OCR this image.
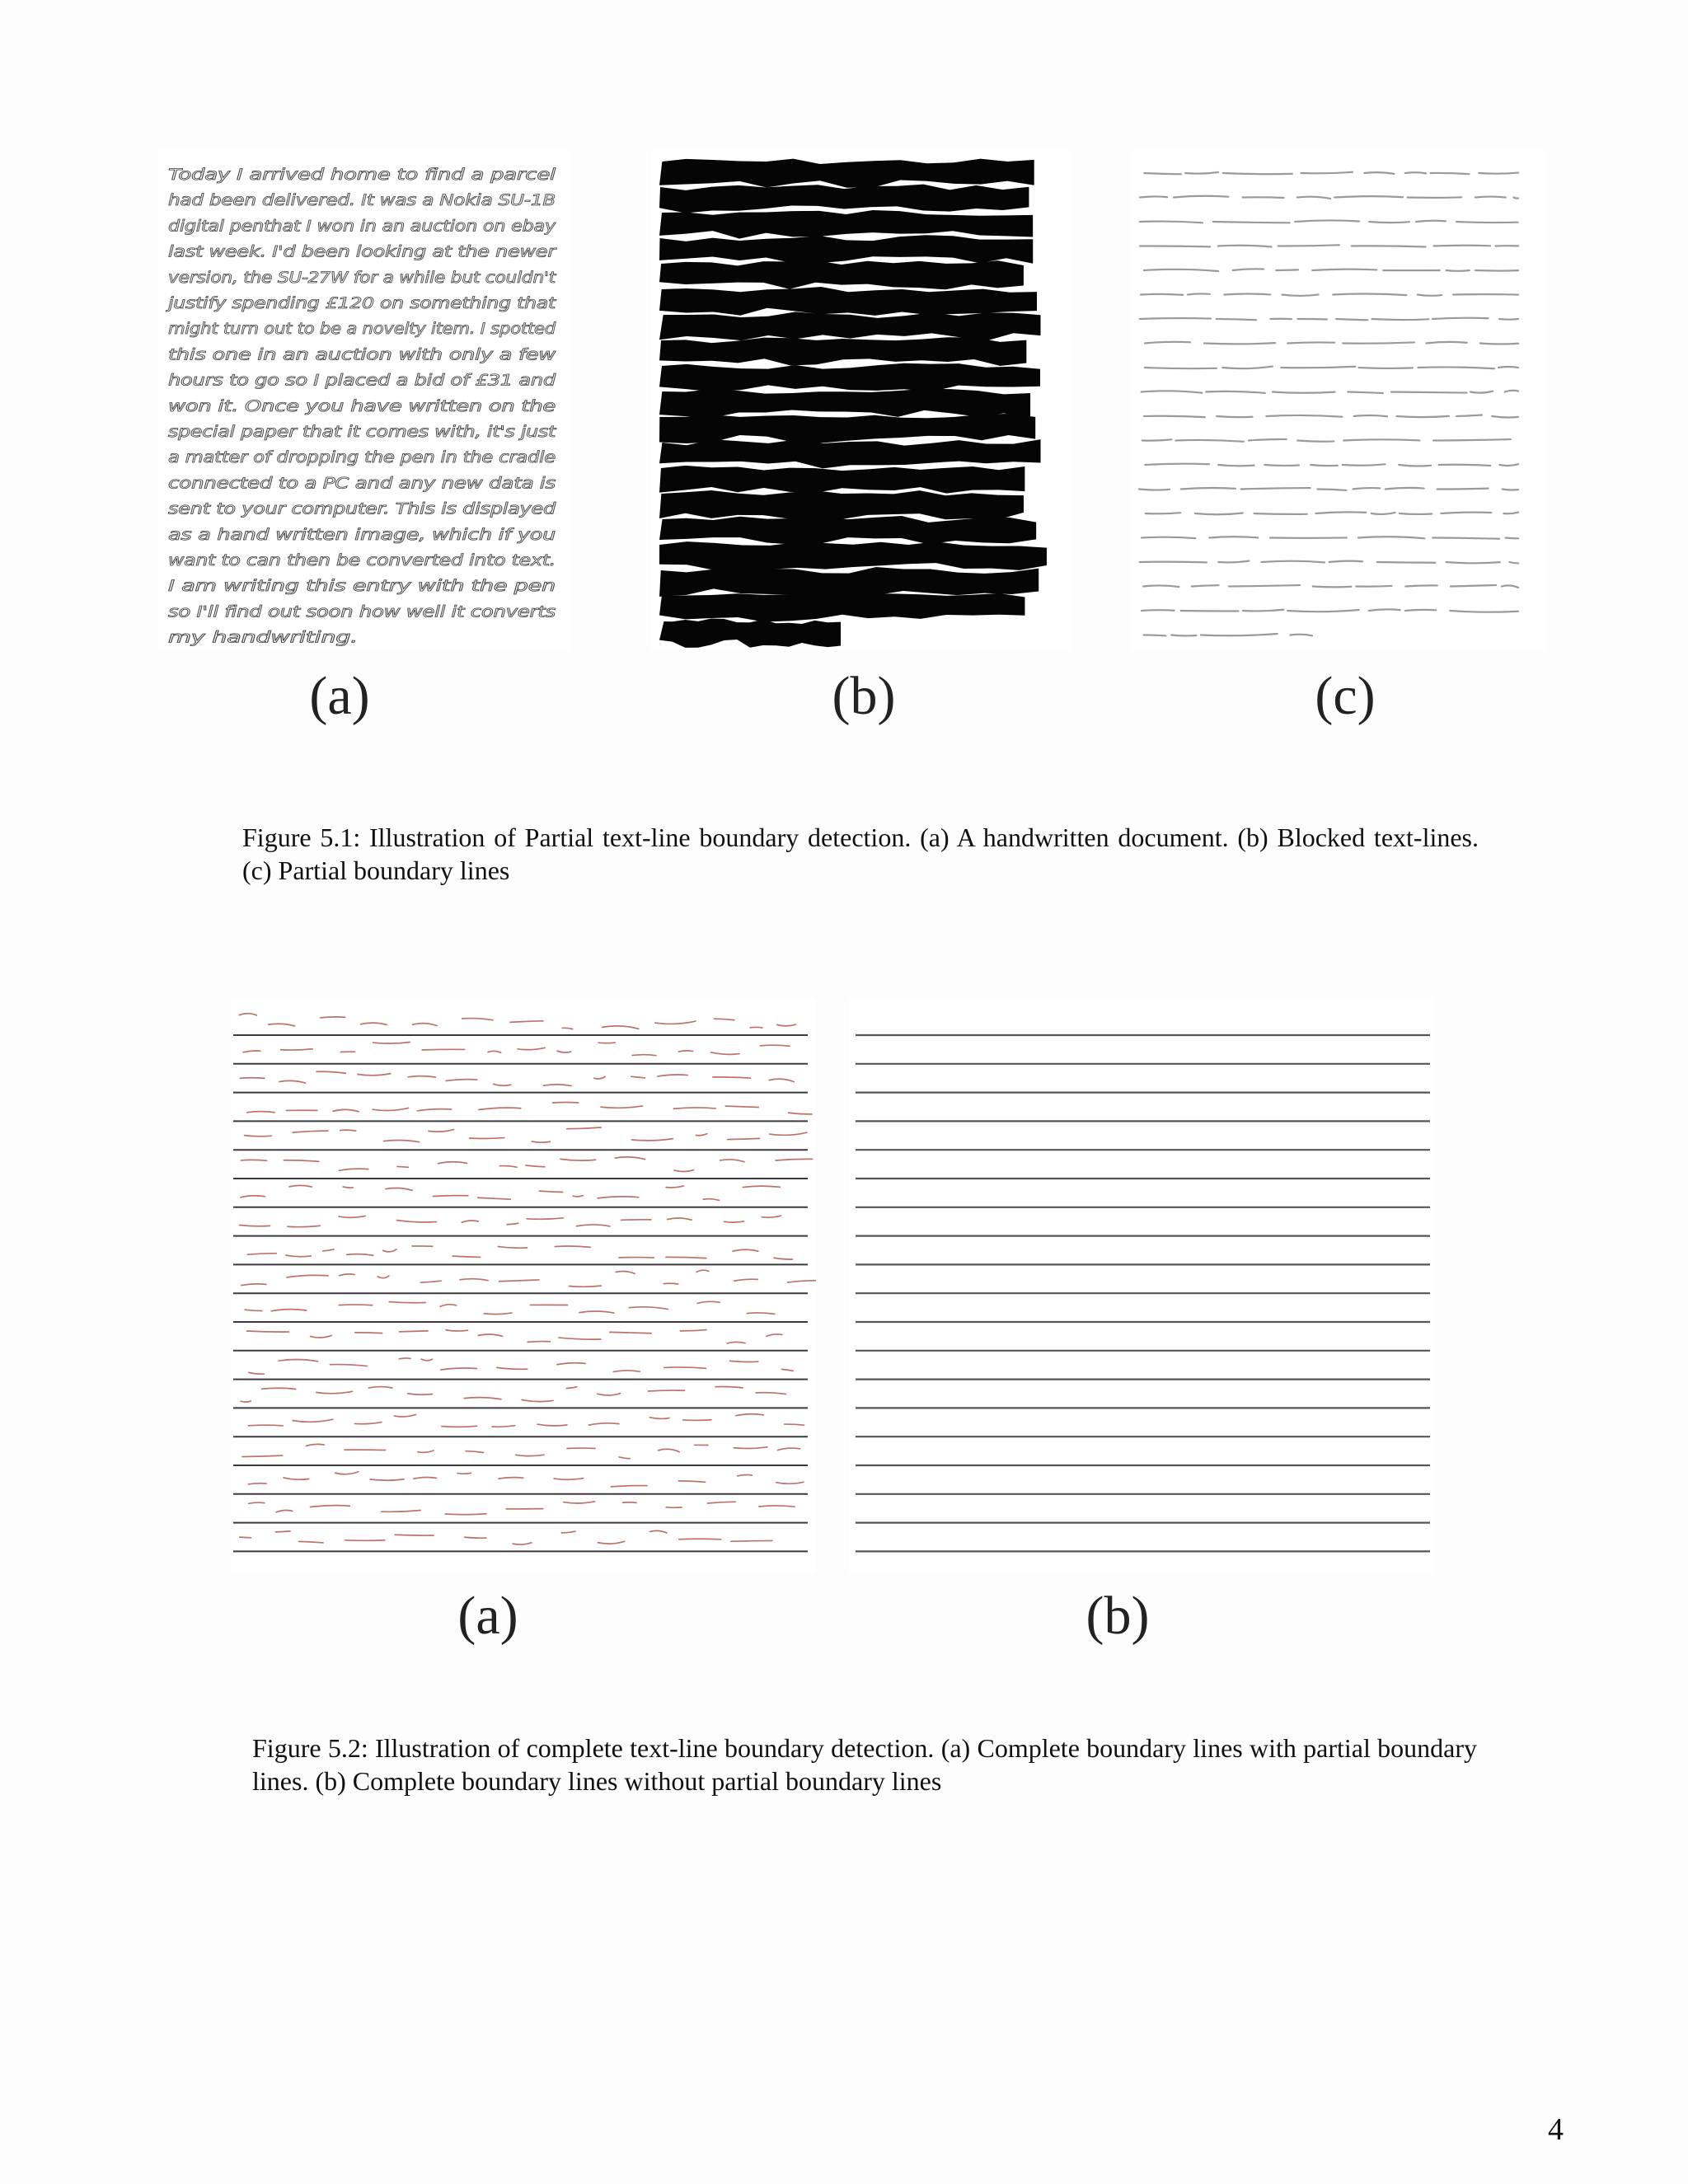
Today I arrived home to find a parcel
had been delivered. It was a Nokia SU-1B
digital penthat I won in an auction on ebay
last week. I'd been looking at the newer
version, the SU-27W for a while but couldn't
justify spending £120 on something that
might turn out to be a novelty item. I spotted
this one in an auction with only a few
hours to go so I placed a bid of £31 and
won it. Once you have written on the
special paper that it comes with, it's just
a matter of dropping the pen in the cradle
connected to a PC and any new data is
sent to your computer. This is displayed
as a hand written image, which if you
want to can then be converted into text.
I am writing this entry with the pen
so I'll find out soon how well it converts
my handwriting.
(a)	(b)	(c)
Figure 5.1: Illustration of Partial text-line boundary detection. (a) A handwritten document. (b) Blocked text-lines. (c) Partial boundary lines
(a)	(b)
Figure 5.2: Illustration of complete text-line boundary detection. (a) Complete boundary lines with partial boundary lines. (b) Complete boundary lines without partial boundary lines
4
